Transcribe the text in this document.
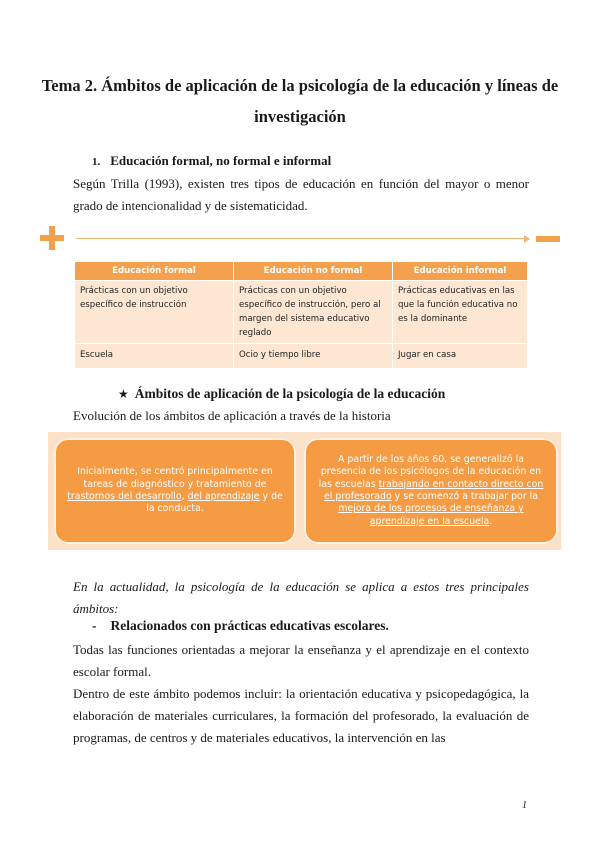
Tema 2. Ámbitos de aplicación de la psicología de la educación y líneas de investigación
1. Educación formal, no formal e informal

Según Trilla (1993), existen tres tipos de educación en función del mayor o menor grado de intencionalidad y de sistematicidad.

Educación formal	Educación no formal	Educación informal
Prácticas con un objetivo específico de instrucción	Prácticas con un objetivo específico de instrucción, pero al margen del sistema educativo reglado	Prácticas educativas en las que la función educativa no es la dominante
Escuela	Ocio y tiempo libre	Jugar en casa
★ Ámbitos de aplicación de la psicología de la educación

Evolución de los ámbitos de aplicación a través de la historia

Inicialmente, se centró principalmente en tareas de diagnóstico y tratamiento de trastornos del desarrollo, del aprendizaje y de la conducta.
A partir de los años 60, se generalizó la presencia de los psicólogos de la educación en las escuelas trabajando en contacto directo con el profesorado y se comenzó a trabajar por la mejora de los procesos de enseñanza y aprendizaje en la escuela.

En la actualidad, la psicología de la educación se aplica a estos tres principales ámbitos:

- Relacionados con prácticas educativas escolares.

Todas las funciones orientadas a mejorar la enseñanza y el aprendizaje en el contexto escolar formal.

Dentro de este ámbito podemos incluir: la orientación educativa y psicopedagógica, la elaboración de materiales curriculares, la formación del profesorado, la evaluación de programas, de centros y de materiales educativos, la intervención en las

1
